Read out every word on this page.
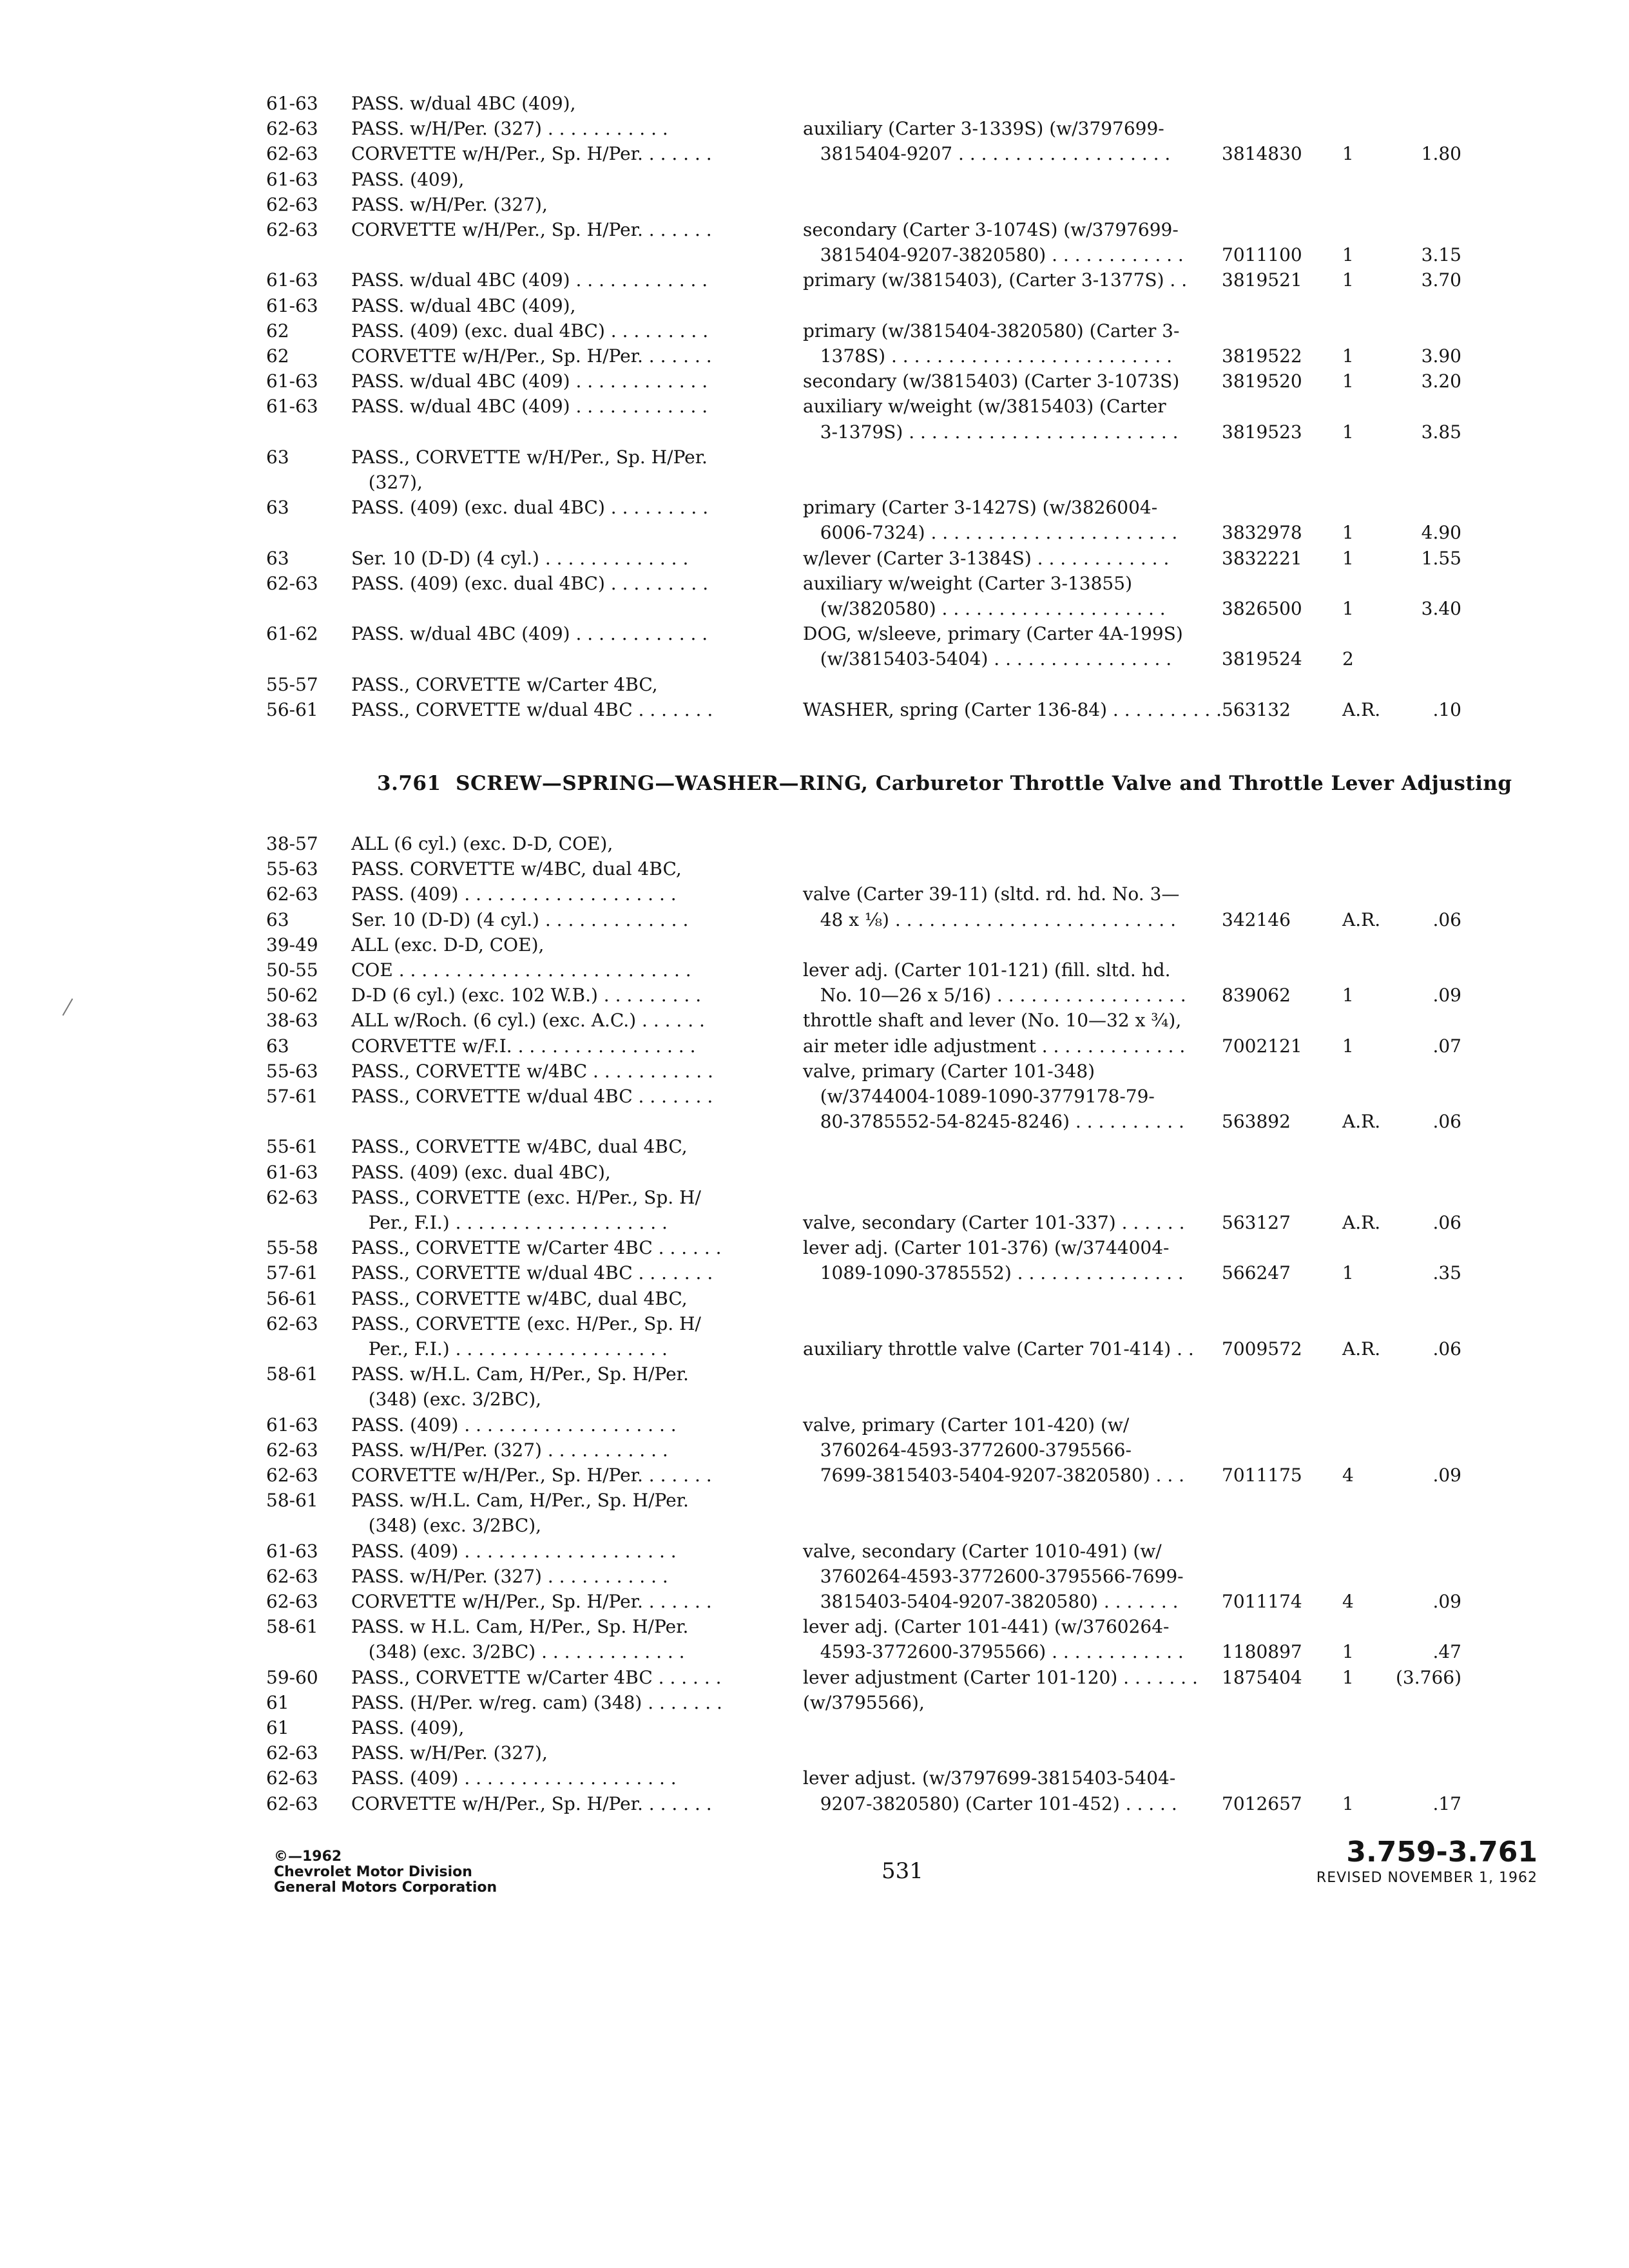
61-63 PASS. w/dual 4BC (409),
62-63 PASS. w/H/Per. (327) . . . . . . . . . . .	auxiliary (Carter 3-1339S) (w/3797699-
62-63 CORVETTE w/H/Per., Sp. H/Per. . . . . . .	3815404-9207 . . . . . . . . . . . . . . . . . . .	3814830 1	1.80
61-63 PASS. (409),
62-63 PASS. w/H/Per. (327),
62-63 CORVETTE w/H/Per., Sp. H/Per. . . . . . .	secondary (Carter 3-1074S) (w/3797699-
3815404-9207-3820580) . . . . . . . . . . . . 7011100 1	3.15
61-63 PASS. w/dual 4BC (409) . . . . . . . . . . . .	primary (w/3815403), (Carter 3-1377S) . . 3819521 1	3.70
61-63 PASS. w/dual 4BC (409),
62	PASS. (409) (exc. dual 4BC) . . . . . . . . .	primary (w/3815404-3820580) (Carter 3-
62	CORVETTE w/H/Per., Sp. H/Per. . . . . . .	1378S) . . . . . . . . . . . . . . . . . . . . . . . . .	3819522 1	3.90
61-63 PASS. w/dual 4BC (409) . . . . . . . . . . . .	secondary (w/3815403) (Carter 3-1073S) 3819520 1	3.20
61-63 PASS. w/dual 4BC (409) . . . . . . . . . . . .	auxiliary w/weight (w/3815403) (Carter
3-1379S) . . . . . . . . . . . . . . . . . . . . . . . . 3819523 1	3.85
63	PASS., CORVETTE w/H/Per., Sp. H/Per.
(327),
63	PASS. (409) (exc. dual 4BC) . . . . . . . . .	primary (Carter 3-1427S) (w/3826004-
6006-7324) . . . . . . . . . . . . . . . . . . . . . . 3832978 1	4.90
63	Ser. 10 (D-D) (4 cyl.) . . . . . . . . . . . . .	w/lever (Carter 3-1384S) . . . . . . . . . . . .	3832221 1	1.55
62-63 PASS. (409) (exc. dual 4BC) . . . . . . . . .	auxiliary w/weight (Carter 3-13855)
(w/3820580) . . . . . . . . . . . . . . . . . . . .	3826500 1	3.40
61-62 PASS. w/dual 4BC (409) . . . . . . . . . . . .	DOG, w/sleeve, primary (Carter 4A-199S)
(w/3815403-5404) . . . . . . . . . . . . . . . .	3819524 2
55-57 PASS., CORVETTE w/Carter 4BC,
56-61 PASS., CORVETTE w/dual 4BC . . . . . . .	WASHER, spring (Carter 136-84) . . . . . . . . . . 563132	A.R.	.10
3.761  SCREW—SPRING—WASHER—RING, Carburetor Throttle Valve and Throttle Lever Adjusting
38-57 ALL (6 cyl.) (exc. D-D, COE),
55-63 PASS. CORVETTE w/4BC, dual 4BC,
62-63 PASS. (409) . . . . . . . . . . . . . . . . . . .	valve (Carter 39-11) (sltd. rd. hd. No. 3—
63	Ser. 10 (D-D) (4 cyl.) . . . . . . . . . . . . .	48 x ⅛) . . . . . . . . . . . . . . . . . . . . . . . . .	342146	A.R.	.06
39-49 ALL (exc. D-D, COE),
50-55 COE . . . . . . . . . . . . . . . . . . . . . . . . . .	lever adj. (Carter 101-121) (fill. sltd. hd.
50-62 D-D (6 cyl.) (exc. 102 W.B.) . . . . . . . . .	No. 10—26 x 5/16) . . . . . . . . . . . . . . . . . 839062	1	.09
38-63 ALL w/Roch. (6 cyl.) (exc. A.C.) . . . . . .	throttle shaft and lever (No. 10—32 x ¾),
63	CORVETTE w/F.I. . . . . . . . . . . . . . . . .	air meter idle adjustment . . . . . . . . . . . . . 7002121 1	.07
55-63 PASS., CORVETTE w/4BC . . . . . . . . . . .	valve, primary (Carter 101-348)
57-61 PASS., CORVETTE w/dual 4BC . . . . . . .	(w/3744004-1089-1090-3779178-79-
80-3785552-54-8245-8246) . . . . . . . . . . 563892	A.R.	.06
55-61 PASS., CORVETTE w/4BC, dual 4BC,
61-63 PASS. (409) (exc. dual 4BC),
62-63 PASS., CORVETTE (exc. H/Per., Sp. H/
Per., F.I.) . . . . . . . . . . . . . . . . . . .	valve, secondary (Carter 101-337) . . . . . . 563127	A.R.	.06
55-58 PASS., CORVETTE w/Carter 4BC . . . . . .	lever adj. (Carter 101-376) (w/3744004-
57-61 PASS., CORVETTE w/dual 4BC . . . . . . .	1089-1090-3785552) . . . . . . . . . . . . . . . 566247	1	.35
56-61 PASS., CORVETTE w/4BC, dual 4BC,
62-63 PASS., CORVETTE (exc. H/Per., Sp. H/
Per., F.I.) . . . . . . . . . . . . . . . . . . .	auxiliary throttle valve (Carter 701-414) . . 7009572 A.R.	.06
58-61 PASS. w/H.L. Cam, H/Per., Sp. H/Per.
(348) (exc. 3/2BC),
61-63 PASS. (409) . . . . . . . . . . . . . . . . . . .	valve, primary (Carter 101-420) (w/
62-63 PASS. w/H/Per. (327) . . . . . . . . . . .	3760264-4593-3772600-3795566-
62-63 CORVETTE w/H/Per., Sp. H/Per. . . . . . .	7699-3815403-5404-9207-3820580) . . . 7011175 4	.09
58-61 PASS. w/H.L. Cam, H/Per., Sp. H/Per.
(348) (exc. 3/2BC),
61-63 PASS. (409) . . . . . . . . . . . . . . . . . . .	valve, secondary (Carter 1010-491) (w/
62-63 PASS. w/H/Per. (327) . . . . . . . . . . .	3760264-4593-3772600-3795566-7699-
62-63 CORVETTE w/H/Per., Sp. H/Per. . . . . . .	3815403-5404-9207-3820580) . . . . . . . 7011174 4	.09
58-61 PASS. w H.L. Cam, H/Per., Sp. H/Per.	lever adj. (Carter 101-441) (w/3760264-
(348) (exc. 3/2BC) . . . . . . . . . . . . .	4593-3772600-3795566) . . . . . . . . . . . . 1180897 1	.47
59-60 PASS., CORVETTE w/Carter 4BC . . . . . .	lever adjustment (Carter 101-120) . . . . . . . 1875404 1 (3.766)
61	PASS. (H/Per. w/reg. cam) (348) . . . . . . .	(w/3795566),
61	PASS. (409),
62-63 PASS. w/H/Per. (327),
62-63 PASS. (409) . . . . . . . . . . . . . . . . . . .	lever adjust. (w/3797699-3815403-5404-
62-63 CORVETTE w/H/Per., Sp. H/Per. . . . . . .	9207-3820580) (Carter 101-452) . . . . . 7012657 1	.17
©—1962
Chevrolet Motor Division
General Motors Corporation
531
3.759-3.761
REVISED NOVEMBER 1, 1962
